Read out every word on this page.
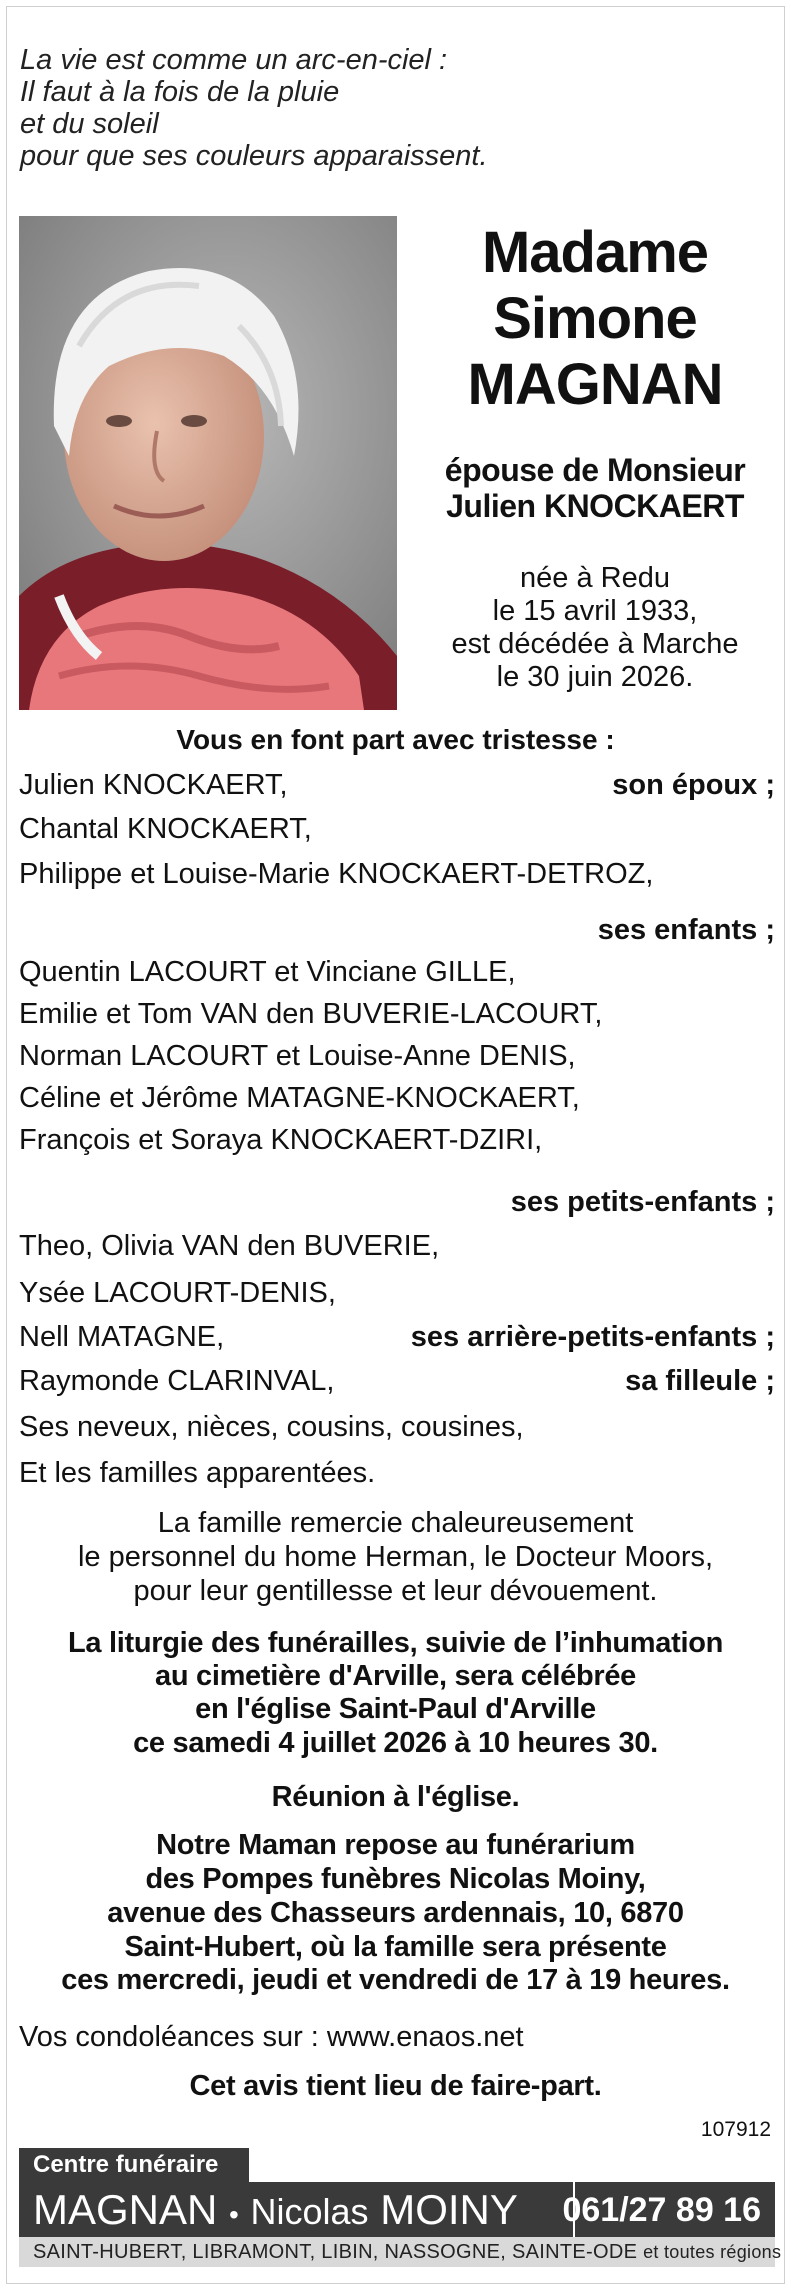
La vie est comme un arc-en-ciel :
Il faut à la fois de la pluie
et du soleil
pour que ses couleurs apparaissent.
Madame
Simone
MAGNAN
épouse de Monsieur
Julien KNOCKAERT
née à Redu
le 15 avril 1933,
est décédée à Marche
le 30 juin 2026.
Vous en font part avec tristesse :
Julien KNOCKAERT,	son époux ;
Chantal KNOCKAERT,
Philippe et Louise-Marie KNOCKAERT-DETROZ,
ses enfants ;
Quentin LACOURT et Vinciane GILLE,
Emilie et Tom VAN den BUVERIE-LACOURT,
Norman LACOURT et Louise-Anne DENIS,
Céline et Jérôme MATAGNE-KNOCKAERT,
François et Soraya KNOCKAERT-DZIRI,
ses petits-enfants ;
Theo, Olivia VAN den BUVERIE,
Ysée LACOURT-DENIS,
Nell MATAGNE,	ses arrière-petits-enfants ;
Raymonde CLARINVAL,	sa filleule ;
Ses neveux, nièces, cousins, cousines,
Et les familles apparentées.
La famille remercie chaleureusement
le personnel du home Herman, le Docteur Moors,
pour leur gentillesse et leur dévouement.
La liturgie des funérailles, suivie de l’inhumation
au cimetière d'Arville, sera célébrée
en l'église Saint-Paul d'Arville
ce samedi 4 juillet 2026 à 10 heures 30.
Réunion à l'église.
Notre Maman repose au funérarium
des Pompes funèbres Nicolas Moiny,
avenue des Chasseurs ardennais, 10, 6870
Saint-Hubert, où la famille sera présente
ces mercredi, jeudi et vendredi de 17 à 19 heures.
Vos condoléances sur : www.enaos.net
Cet avis tient lieu de faire-part.
107912
Centre funéraire
MAGNAN • Nicolas MOINY 061/27 89 16
SAINT-HUBERT, LIBRAMONT, LIBIN, NASSOGNE, SAINTE-ODE et toutes régions
